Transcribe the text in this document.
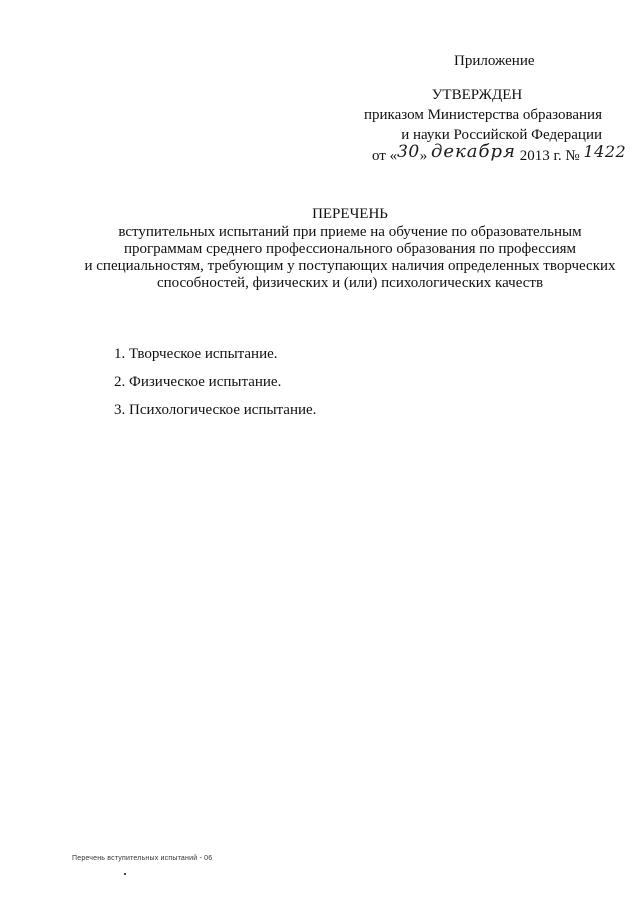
Приложение
УТВЕРЖДЕН
приказом Министерства образования
и науки Российской Федерации
от «30» декабря 2013 г. № 1422
ПЕРЕЧЕНЬ
вступительных испытаний при приеме на обучение по образовательным
программам среднего профессионального образования по профессиям
и специальностям, требующим у поступающих наличия определенных творческих
способностей, физических и (или) психологических качеств
1. Творческое испытание.
2. Физическое испытание.
3. Психологическое испытание.
Перечень вступительных испытаний - 06
